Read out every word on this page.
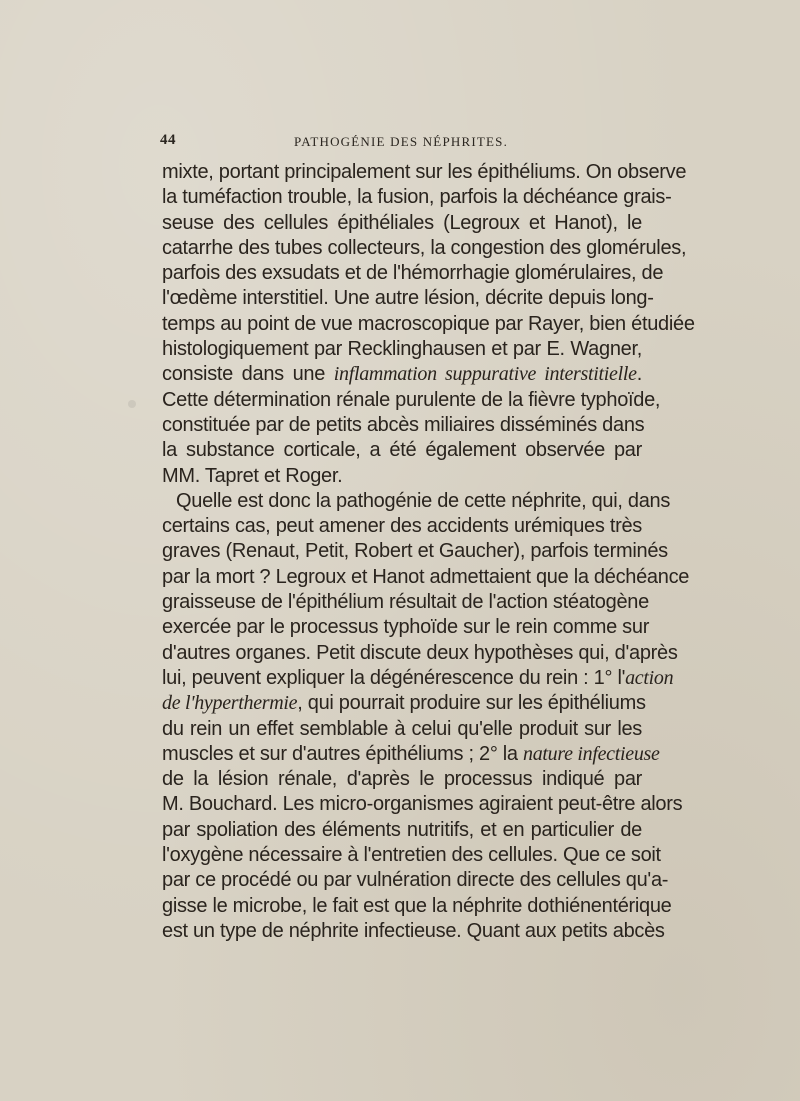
44	PATHOGÉNIE DES NÉPHRITES.
mixte, portant principalement sur les épithéliums. On observe
la tuméfaction trouble, la fusion, parfois la déchéance grais-
seuse des cellules épithéliales (Legroux et Hanot), le
catarrhe des tubes collecteurs, la congestion des glomérules,
parfois des exsudats et de l'hémorrhagie glomérulaires, de
l'œdème interstitiel. Une autre lésion, décrite depuis long-
temps au point de vue macroscopique par Rayer, bien étudiée
histologiquement par Recklinghausen et par E. Wagner,
consiste dans une inflammation suppurative interstitielle.
Cette détermination rénale purulente de la fièvre typhoïde,
constituée par de petits abcès miliaires disséminés dans
la substance corticale, a été également observée par
MM. Tapret et Roger.
Quelle est donc la pathogénie de cette néphrite, qui, dans
certains cas, peut amener des accidents urémiques très
graves (Renaut, Petit, Robert et Gaucher), parfois terminés
par la mort ? Legroux et Hanot admettaient que la déchéance
graisseuse de l'épithélium résultait de l'action stéatogène
exercée par le processus typhoïde sur le rein comme sur
d'autres organes. Petit discute deux hypothèses qui, d'après
lui, peuvent expliquer la dégénérescence du rein : 1° l'action
de l'hyperthermie, qui pourrait produire sur les épithéliums
du rein un effet semblable à celui qu'elle produit sur les
muscles et sur d'autres épithéliums ; 2° la nature infectieuse
de la lésion rénale, d'après le processus indiqué par
M. Bouchard. Les micro-organismes agiraient peut-être alors
par spoliation des éléments nutritifs, et en particulier de
l'oxygène nécessaire à l'entretien des cellules. Que ce soit
par ce procédé ou par vulnération directe des cellules qu'a-
gisse le microbe, le fait est que la néphrite dothiénentérique
est un type de néphrite infectieuse. Quant aux petits abcès
